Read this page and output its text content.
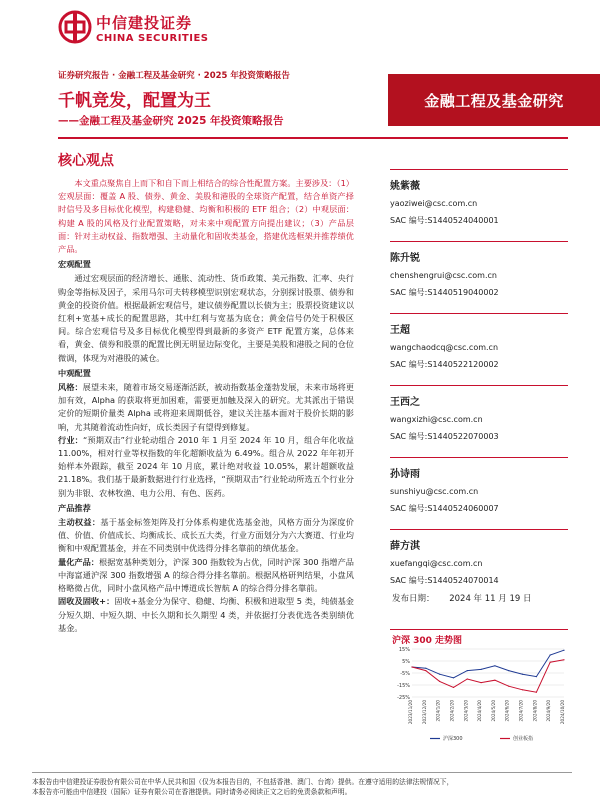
中信建投证券
CHINA SECURITIES
证券研究报告 · 金融工程及基金研究 · 2025 年投资策略报告
千帆竞发，配置为王
——金融工程及基金研究 2025 年投资策略报告
金融工程及基金研究
核心观点

本文重点聚焦自上而下和自下而上相结合的综合性配置方案。主要涉及：（1）宏观层面：覆盖 A 股、债券、黄金、美股和港股的全球资产配置，结合单资产择时信号及多目标优化模型，构建稳健、均衡和积极的 ETF 组合；（2）中观层面：构建 A 股的风格及行业配置策略，对未来中观配置方向提出建议；（3）产品层面：针对主动权益、指数增强、主动量化和固收类基金，搭建优选框架并推荐绩优产品。

宏观配置

通过宏观层面的经济增长、通胀、流动性、货币政策、美元指数、汇率、央行购金等指标及因子，采用马尔可夫转移模型识别宏观状态，分别探讨股票、债券和黄金的投资价值。根据最新宏观信号，建议债券配置以长债为主；股票投资建议以红利+宽基+成长的配置思路，其中红利与宽基为底仓；黄金信号仍处于积极区间。综合宏观信号及多目标优化模型得到最新的多资产 ETF 配置方案，总体来看，黄金、债券和股票的配置比例无明显边际变化，主要是美股和港股之间的仓位微调，体现为对港股的减仓。

中观配置

风格：展望未来，随着市场交易逐渐活跃，被动指数基金蓬勃发展，未来市场将更加有效，Alpha 的获取将更加困难，需要更加触及深入的研究。尤其派出于错误定价的短期价量类 Alpha 或将迎来周期低谷，建议关注基本面对于股价长期的影响，尤其随着流动性向好，成长类因子有望得到修复。

行业：“预期双击”行业轮动组合 2010 年 1 月至 2024 年 10 月，组合年化收益 11.00%，相对行业等权指数的年化超额收益为 6.49%。组合从 2022 年年初开始样本外跟踪，截至 2024 年 10 月底，累计绝对收益 10.05%，累计超额收益 21.18%。我们基于最新数据进行行业选择，“预期双击”行业轮动所选五个行业分别为非银、农林牧渔、电力公用、有色、医药。

产品推荐

主动权益：基于基金标签矩阵及打分体系构建优选基金池，风格方面分为深度价值、价值、价值成长、均衡成长、成长五大类，行业方面划分为六大赛道、行业均衡和中观配置基金，并在不同类别中优选得分排名靠前的绩优基金。

量化产品：根据宽基种类划分，沪深 300 指数较为占优，同时沪深 300 指增产品中海富通沪深 300 指数增强 A 的综合得分排名靠前。根据风格研判结果，小盘风格略微占优，同时小盘风格产品中博道成长智航 A 的综合得分排名靠前。

固收及固收+：固收+基金分为保守、稳健、均衡、积极和进取型 5 类，纯债基金分短久期、中短久期、中长久期和长久期型 4 类，并依据打分表优选各类别绩优基金。

姚紫薇
yaoziwei@csc.com.cn
SAC 编号:S1440524040001
陈升锐
chenshengrui@csc.com.cn
SAC 编号:S1440519040002
王超
wangchaodcq@csc.com.cn
SAC 编号:S1440522120002
王西之
wangxizhi@csc.com.cn
SAC 编号:S1440522070003
孙诗雨
sunshiyu@csc.com.cn
SAC 编号:S1440524060007
薛方淇
xuefangqi@csc.com.cn
SAC 编号:S1440524070014
发布日期： 2024 年 11 月 19 日
沪深 300 走势图
15%
5%
-5%
-15%
-25%
2023/11/20 2023/12/20 2024/1/20 2024/2/20 2024/3/20 2024/4/20 2024/5/20 2024/6/20 2024/7/20 2024/8/20 2024/9/20 2024/10/20
沪深300	创业板指
本报告由中信建投证券股份有限公司在中华人民共和国（仅为本报告目的，不包括香港、澳门、台湾）提供。在遵守适用的法律法规情况下，
本报告亦可能由中信建投（国际）证券有限公司在香港提供。同时请务必阅读正文之后的免责条款和声明。
